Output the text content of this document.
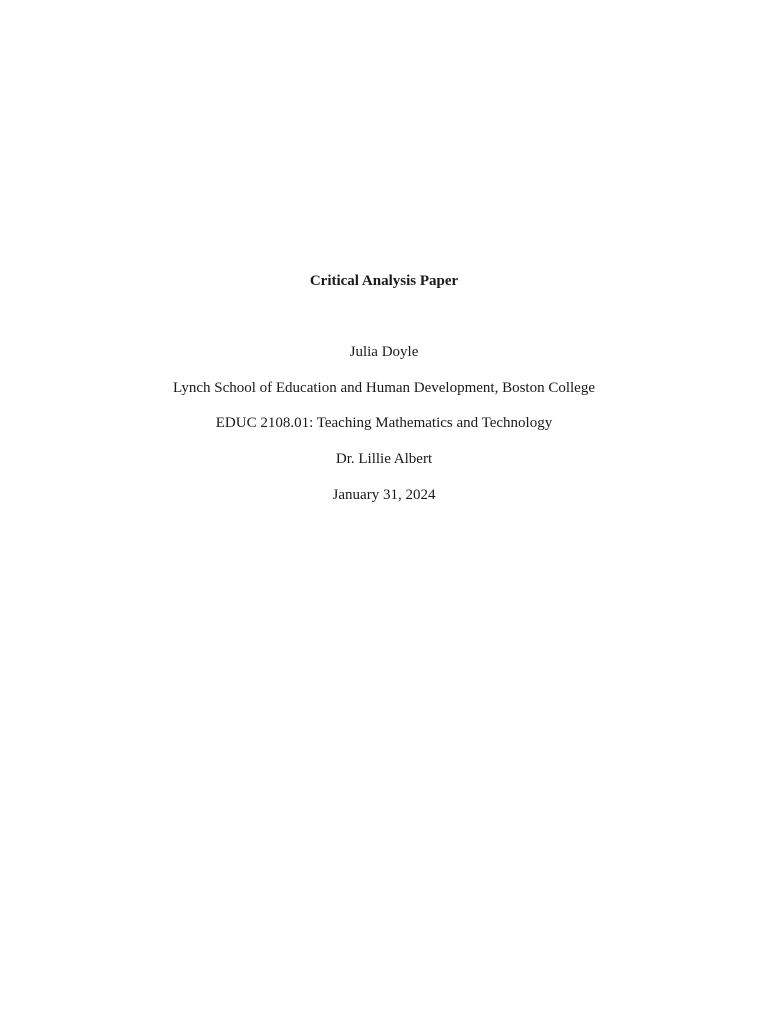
Critical Analysis Paper
Julia Doyle
Lynch School of Education and Human Development, Boston College
EDUC 2108.01: Teaching Mathematics and Technology
Dr. Lillie Albert
January 31, 2024
